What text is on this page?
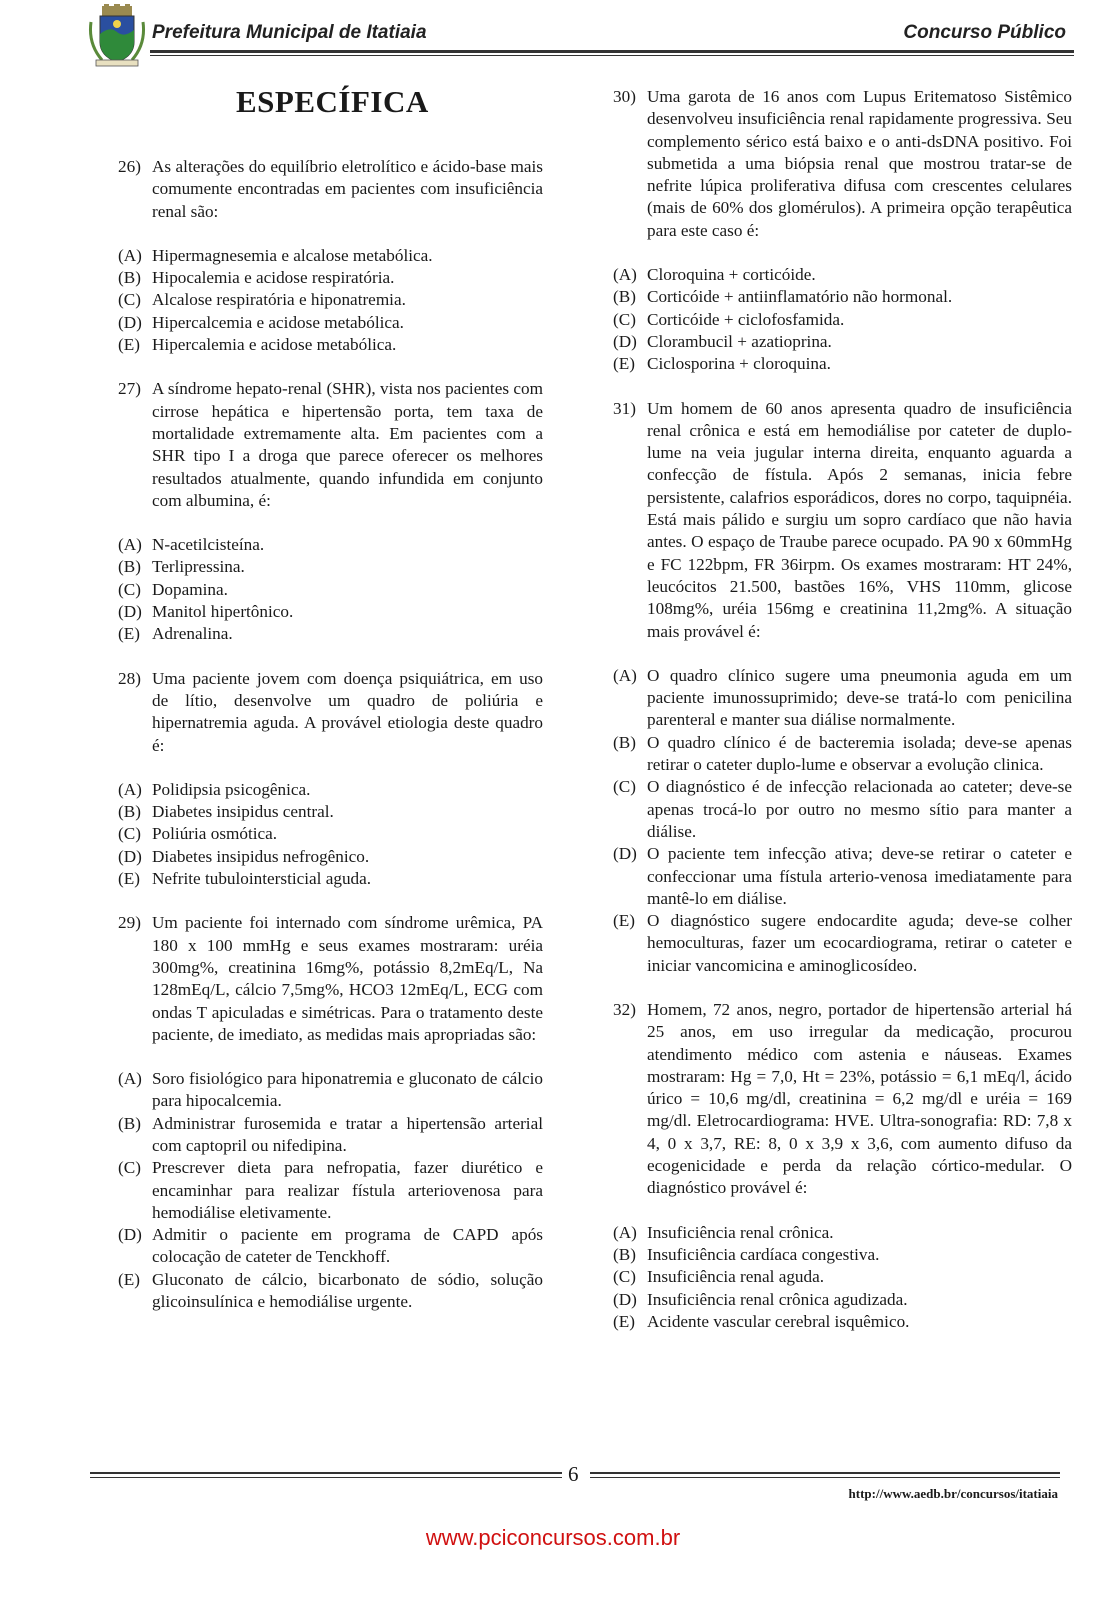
Prefeitura Municipal de Itatiaia	Concurso Público
ESPECÍFICA
26) As alterações do equilíbrio eletrolítico e ácido-base mais comumente encontradas em pacientes com insuficiência renal são:
(A) Hipermagnesemia e alcalose metabólica.
(B) Hipocalemia e acidose respiratória.
(C) Alcalose respiratória e hiponatremia.
(D) Hipercalcemia e acidose metabólica.
(E) Hipercalemia e acidose metabólica.
27) A síndrome hepato-renal (SHR), vista nos pacientes com cirrose hepática e hipertensão porta, tem taxa de mortalidade extremamente alta. Em pacientes com a SHR tipo I a droga que parece oferecer os melhores resultados atualmente, quando infundida em conjunto com albumina, é:
(A) N-acetilcisteína.
(B) Terlipressina.
(C) Dopamina.
(D) Manitol hipertônico.
(E) Adrenalina.
28) Uma paciente jovem com doença psiquiátrica, em uso de lítio, desenvolve um quadro de poliúria e hipernatremia aguda. A provável etiologia deste quadro é:
(A) Polidipsia psicogênica.
(B) Diabetes insipidus central.
(C) Poliúria osmótica.
(D) Diabetes insipidus nefrogênico.
(E) Nefrite tubulointersticial aguda.
29) Um paciente foi internado com síndrome urêmica, PA 180 x 100 mmHg e seus exames mostraram: uréia 300mg%, creatinina 16mg%, potássio 8,2mEq/L, Na 128mEq/L, cálcio 7,5mg%, HCO3 12mEq/L, ECG com ondas T apiculadas e simétricas. Para o tratamento deste paciente, de imediato, as medidas mais apropriadas são:
(A) Soro fisiológico para hiponatremia e gluconato de cálcio para hipocalcemia.
(B) Administrar furosemida e tratar a hipertensão arterial com captopril ou nifedipina.
(C) Prescrever dieta para nefropatia, fazer diurético e encaminhar para realizar fístula arteriovenosa para hemodiálise eletivamente.
(D) Admitir o paciente em programa de CAPD após colocação de cateter de Tenckhoff.
(E) Gluconato de cálcio, bicarbonato de sódio, solução glicoinsulínica e hemodiálise urgente.
30) Uma garota de 16 anos com Lupus Eritematoso Sistêmico desenvolveu insuficiência renal rapidamente progressiva. Seu complemento sérico está baixo e o anti-dsDNA positivo. Foi submetida a uma biópsia renal que mostrou tratar-se de nefrite lúpica proliferativa difusa com crescentes celulares (mais de 60% dos glomérulos). A primeira opção terapêutica para este caso é:
(A) Cloroquina + corticóide.
(B) Corticóide + antiinflamatório não hormonal.
(C) Corticóide + ciclofosfamida.
(D) Clorambucil + azatioprina.
(E) Ciclosporina + cloroquina.
31) Um homem de 60 anos apresenta quadro de insuficiência renal crônica e está em hemodiálise por cateter de duplo-lume na veia jugular interna direita, enquanto aguarda a confecção de fístula. Após 2 semanas, inicia febre persistente, calafrios esporádicos, dores no corpo, taquipnéia. Está mais pálido e surgiu um sopro cardíaco que não havia antes. O espaço de Traube parece ocupado. PA 90 x 60mmHg e FC 122bpm, FR 36irpm. Os exames mostraram: HT 24%, leucócitos 21.500, bastões 16%, VHS 110mm, glicose 108mg%, uréia 156mg e creatinina 11,2mg%. A situação mais provável é:
(A) O quadro clínico sugere uma pneumonia aguda em um paciente imunossuprimido; deve-se tratá-lo com penicilina parenteral e manter sua diálise normalmente.
(B) O quadro clínico é de bacteremia isolada; deve-se apenas retirar o cateter duplo-lume e observar a evolução clinica.
(C) O diagnóstico é de infecção relacionada ao cateter; deve-se apenas trocá-lo por outro no mesmo sítio para manter a diálise.
(D) O paciente tem infecção ativa; deve-se retirar o cateter e confeccionar uma fístula arterio-venosa imediatamente para mantê-lo em diálise.
(E) O diagnóstico sugere endocardite aguda; deve-se colher hemoculturas, fazer um ecocardiograma, retirar o cateter e iniciar vancomicina e aminoglicosídeo.
32) Homem, 72 anos, negro, portador de hipertensão arterial há 25 anos, em uso irregular da medicação, procurou atendimento médico com astenia e náuseas. Exames mostraram: Hg = 7,0, Ht = 23%, potássio = 6,1 mEq/l, ácido úrico = 10,6 mg/dl, creatinina = 6,2 mg/dl e uréia = 169 mg/dl. Eletrocardiograma: HVE. Ultra-sonografia: RD: 7,8 x 4, 0 x 3,7, RE: 8, 0 x 3,9 x 3,6, com aumento difuso da ecogenicidade e perda da relação córtico-medular. O diagnóstico provável é:
(A) Insuficiência renal crônica.
(B) Insuficiência cardíaca congestiva.
(C) Insuficiência renal aguda.
(D) Insuficiência renal crônica agudizada.
(E) Acidente vascular cerebral isquêmico.
6
http://www.aedb.br/concursos/itatiaia
www.pciconcursos.com.br
